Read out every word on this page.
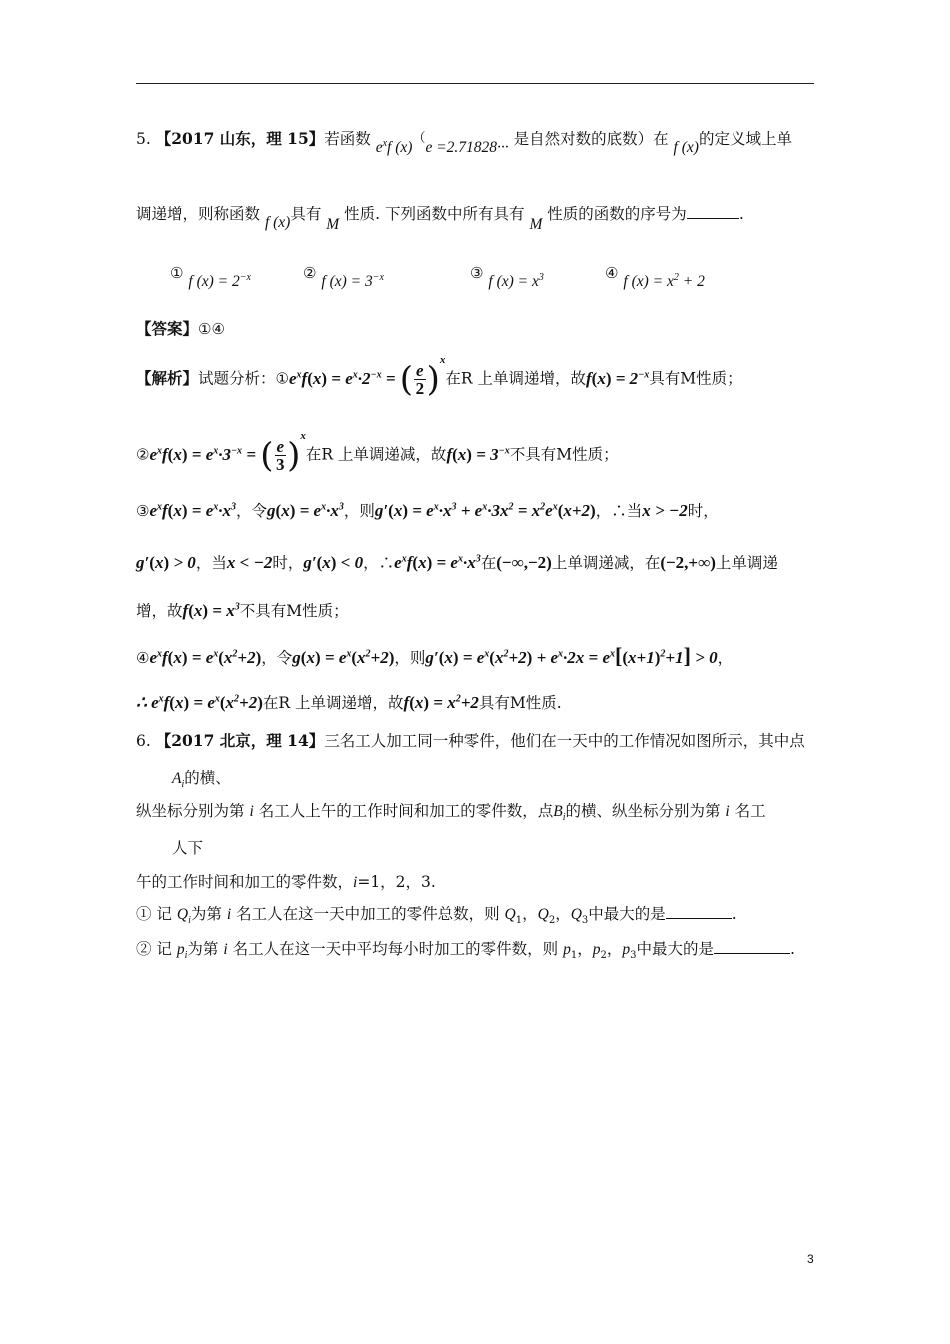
5. 【2017 山东，理 15】若函数 $e^xf$ (x)（e =2.71828··· 是自然对数的底数）在 f (x)的定义域上单
调递增，则称函数 f (x)具有 M 性质. 下列函数中所有具有 M 性质的函数的序号为	.
① f $(x) = 2^{-x}$	② f $(x) = 3^{-x}$	③ f $(x) = x^3$	④ f $(x) = x^2 + 2$
【答案】①④
【解析】试题分析：$①e^xf(x) = e^x\cdot 2^{-x}$ = ( $\frac{e}{2} )^x$在R 上单调递增，故$f(x) = 2^{-x}$具有M性质；
$②e^xf(x) = e^x\cdot 3^{-x}$ = ( $\frac{e}{3} )^x$在R 上单调递减，故$f(x) = 3^{-x}$不具有M性质；
$③e^xf(x) = e^x\cdot x^3$，令$g(x) = e^x\cdot x^3$，则$g'(x) = e^x\cdot x^3 + e^x\cdot 3x^2 = x^2e^x(x+2)$，∴当x > −2时，
g′(x) > 0，当x < −2时，g′(x) < 0，$\therefore e^xf(x) = e^x\cdot x^3$在(−∞,−2)上单调递减，在(−2,+∞)上单调递
增，故$f(x) = x^3$不具有M性质；
$④e^xf(x) = e^x(x^2+2)$，令$g(x) = e^x(x^2+2)$，则$g'(x) = e^x(x^2+2) + e^x\cdot 2x = e^x[(x+1)^2+1] > 0$，
∴ $e^xf(x) = e^x(x^2+2)$在R 上单调递增，故$f(x) = x^2+2$具有M性质.
6. 【2017 北京，理 14】三名工人加工同一种零件，他们在一天中的工作情况如图所示，其中点
$A_i$的横、
纵坐标分别为第 i 名工人上午的工作时间和加工的零件数，点$B_i$的横、纵坐标分别为第 i 名工
人下
午的工作时间和加工的零件数，i=1，2，3.
① 记 $Q_i$为第 i 名工人在这一天中加工的零件总数，则 $Q_1$，$Q_2$，$Q_3$中最大的是	.
② 记 $p_i$为第 i 名工人在这一天中平均每小时加工的零件数，则 $p_1$，$p_2$，$p_3$中最大的是	.
3
